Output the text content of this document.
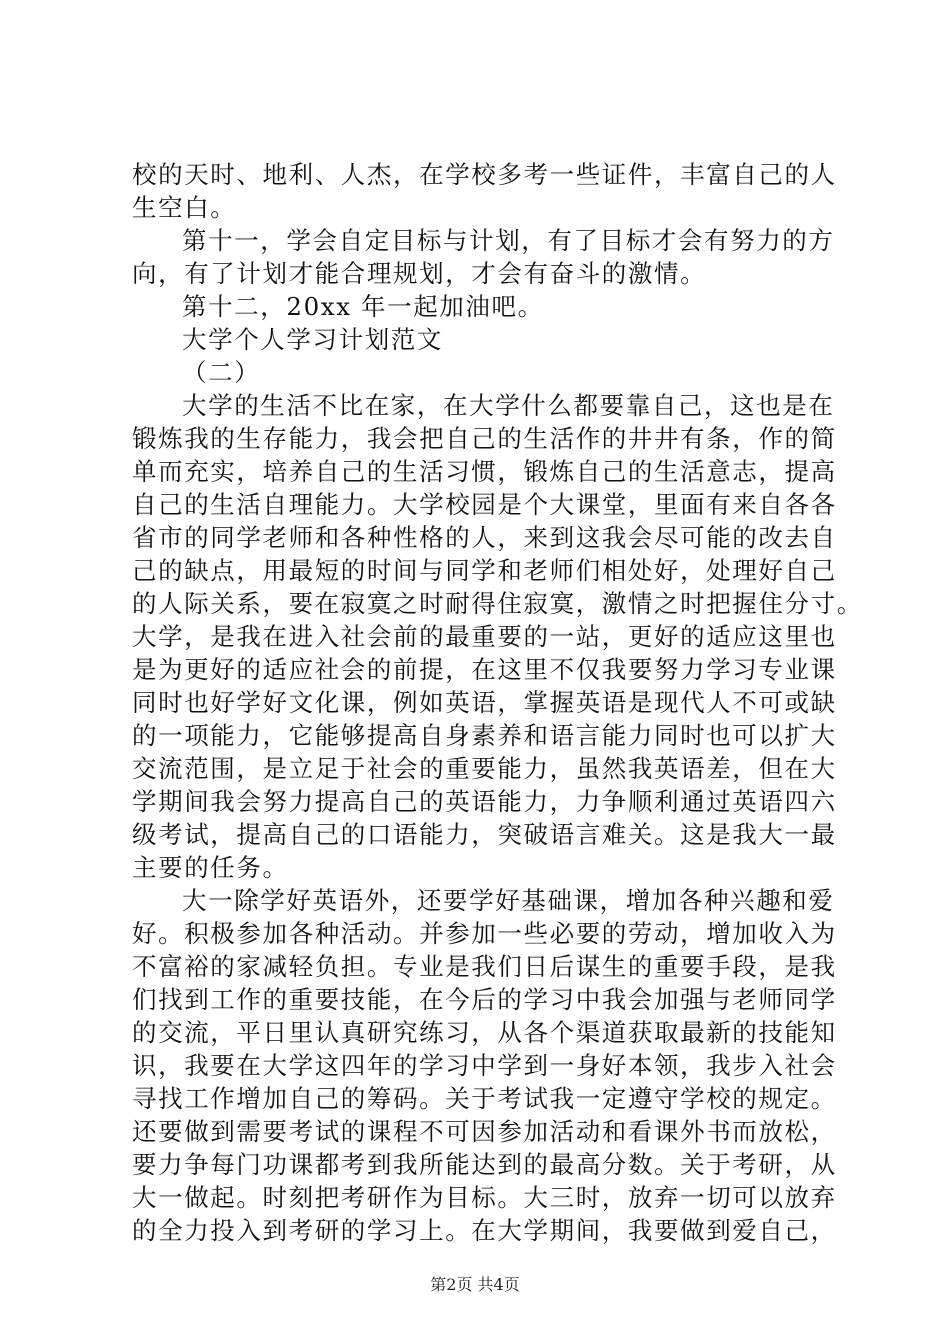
校的天时、地利、人杰，在学校多考一些证件，丰富自己的人
生空白。
第十一，学会自定目标与计划，有了目标才会有努力的方
向，有了计划才能合理规划，才会有奋斗的激情。
第十二，20xx 年一起加油吧。
大学个人学习计划范文
（二）
大学的生活不比在家，在大学什么都要靠自己，这也是在
锻炼我的生存能力，我会把自己的生活作的井井有条，作的简
单而充实，培养自己的生活习惯，锻炼自己的生活意志，提高
自己的生活自理能力。大学校园是个大课堂，里面有来自各各
省市的同学老师和各种性格的人，来到这我会尽可能的改去自
己的缺点，用最短的时间与同学和老师们相处好，处理好自己
的人际关系，要在寂寞之时耐得住寂寞，激情之时把握住分寸。
大学，是我在进入社会前的最重要的一站，更好的适应这里也
是为更好的适应社会的前提，在这里不仅我要努力学习专业课
同时也好学好文化课，例如英语，掌握英语是现代人不可或缺
的一项能力，它能够提高自身素养和语言能力同时也可以扩大
交流范围，是立足于社会的重要能力，虽然我英语差，但在大
学期间我会努力提高自己的英语能力，力争顺利通过英语四六
级考试，提高自己的口语能力，突破语言难关。这是我大一最
主要的任务。
大一除学好英语外，还要学好基础课，增加各种兴趣和爱
好。积极参加各种活动。并参加一些必要的劳动，增加收入为
不富裕的家减轻负担。专业是我们日后谋生的重要手段，是我
们找到工作的重要技能，在今后的学习中我会加强与老师同学
的交流，平日里认真研究练习，从各个渠道获取最新的技能知
识，我要在大学这四年的学习中学到一身好本领，我步入社会
寻找工作增加自己的筹码。关于考试我一定遵守学校的规定。
还要做到需要考试的课程不可因参加活动和看课外书而放松，
要力争每门功课都考到我所能达到的最高分数。关于考研，从
大一做起。时刻把考研作为目标。大三时，放弃一切可以放弃
的全力投入到考研的学习上。在大学期间，我要做到爱自己，
第2页 共4页
